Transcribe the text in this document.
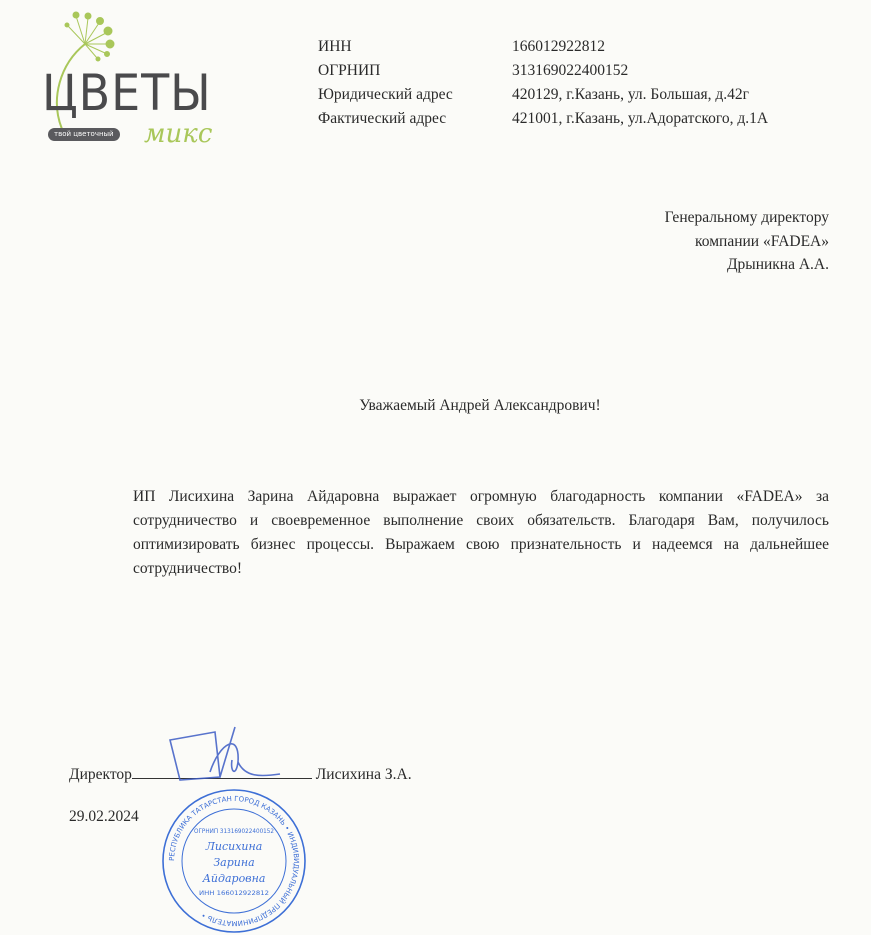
ЦВЕТЫ
твой цветочный микс
ИНН	166012922812
ОГРНИП	313169022400152
Юридический адрес	420129, г.Казань, ул. Большая, д.42г
Фактический адрес	421001, г.Казань, ул.Адоратского, д.1А
Генеральному директору
компании «FADEA»
Дрыникна А.А.
Уважаемый Андрей Александрович!
ИП Лисихина Зарина Айдаровна выражает огромную благодарность компании «FADEA» за сотрудничество и своевременное выполнение своих обязательств. Благодаря Вам, получилось оптимизировать бизнес процессы. Выражаем свою признательность и надеемся на дальнейшее сотрудничество!
Директор	Лисихина З.А.
29.02.2024
РЕСПУБЛИКА ТАТАРСТАН ГОРОД КАЗАНЬ • ИНДИВИДУАЛЬНЫЙ ПРЕДПРИНИМАТЕЛЬ •
ОГРНИП 313169022400152
Лисихина
Зарина
Айдаровна
ИНН 166012922812
